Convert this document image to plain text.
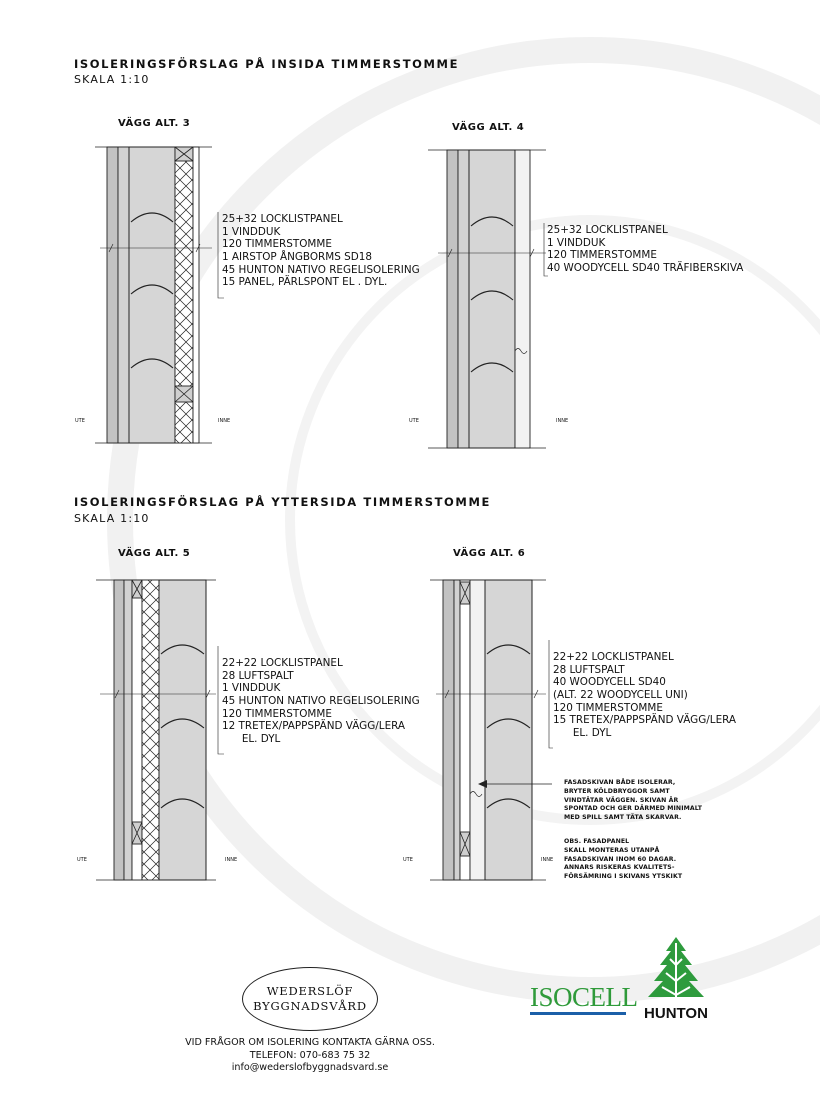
ISOLERINGSFÖRSLAG PÅ INSIDA TIMMERSTOMME
SKALA 1:10
ISOLERINGSFÖRSLAG PÅ YTTERSIDA TIMMERSTOMME
SKALA 1:10
VÄGG ALT. 3	VÄGG ALT. 4
VÄGG ALT. 5	VÄGG ALT. 6
25+32 LOCKLISTPANEL
1 VINDDUK
120 TIMMERSTOMME
1 AIRSTOP ÅNGBORMS SD18
45 HUNTON NATIVO REGELISOLERING
15 PANEL, PÄRLSPONT EL . DYL.
25+32 LOCKLISTPANEL
1 VINDDUK
120 TIMMERSTOMME
40 WOODYCELL SD40 TRÄFIBERSKIVA
22+22 LOCKLISTPANEL
28 LUFTSPALT
1 VINDDUK
45 HUNTON NATIVO REGELISOLERING
120 TIMMERSTOMME
12 TRETEX/PAPPSPÄND VÄGG/LERA
EL. DYL
22+22 LOCKLISTPANEL
28 LUFTSPALT
40 WOODYCELL SD40
(ALT. 22 WOODYCELL UNI)
120 TIMMERSTOMME
15 TRETEX/PAPPSPÄND VÄGG/LERA
EL. DYL
FASADSKIVAN BÅDE ISOLERAR,
BRYTER KÖLDBRYGGOR SAMT
VINDTÄTAR VÄGGEN. SKIVAN ÄR
SPONTAD OCH GER DÄRMED MINIMALT
MED SPILL SAMT TÄTA SKARVAR.
OBS. FASADPANEL
SKALL MONTERAS UTANPÅ
FASADSKIVAN INOM 60 DAGAR.
ANNARS RISKERAS KVALITETS-
FÖRSÄMRING I SKIVANS YTSKIKT
UTE	INNE	UTE	INNE
UTE	INNE	UTE	INNE
WEDERSLÖF
BYGGNADSVÅRD
VID FRÅGOR OM ISOLERING KONTAKTA GÄRNA OSS.
TELEFON: 070-683 75 32
info@wederslofbyggnadsvard.se
ISOCELL
HUNTON
